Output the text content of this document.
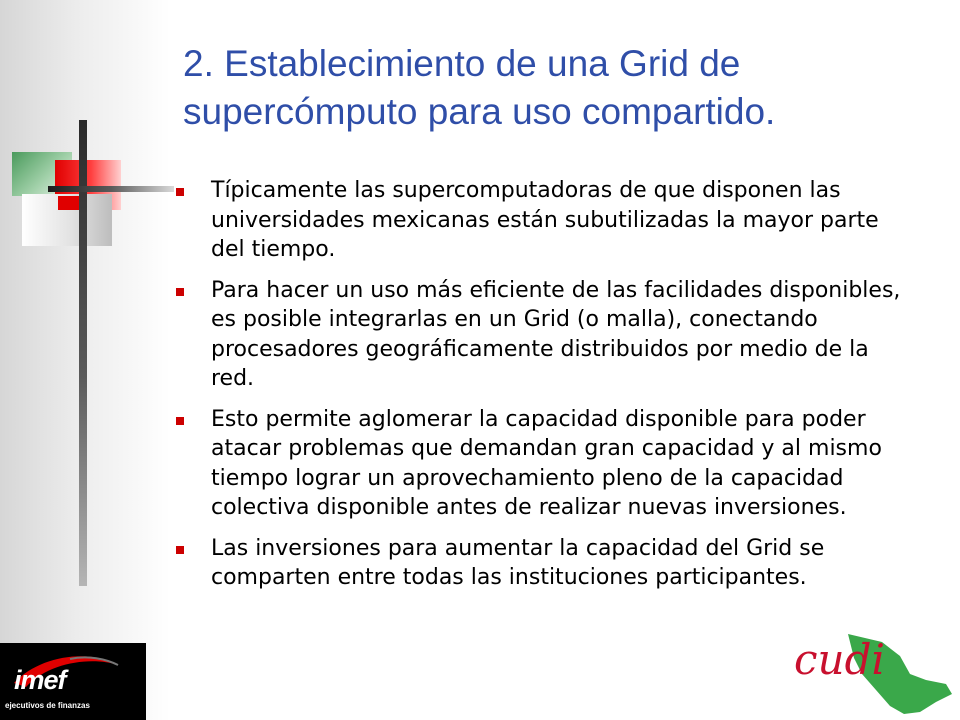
2. Establecimiento de una Grid de
supercómputo para uso compartido.
Típicamente las supercomputadoras de que disponen las universidades mexicanas están subutilizadas la mayor parte del tiempo.
Para hacer un uso más eficiente de las facilidades disponibles, es posible integrarlas en un Grid (o malla), conectando procesadores geográficamente distribuidos por medio de la red.
Esto permite aglomerar la capacidad disponible para poder atacar problemas que demandan gran capacidad y al mismo tiempo lograr un aprovechamiento pleno de la capacidad colectiva disponible antes de realizar nuevas inversiones.
Las inversiones para aumentar la capacidad del Grid se comparten entre todas las instituciones participantes.
imef
ejecutivos de finanzas
cudi
